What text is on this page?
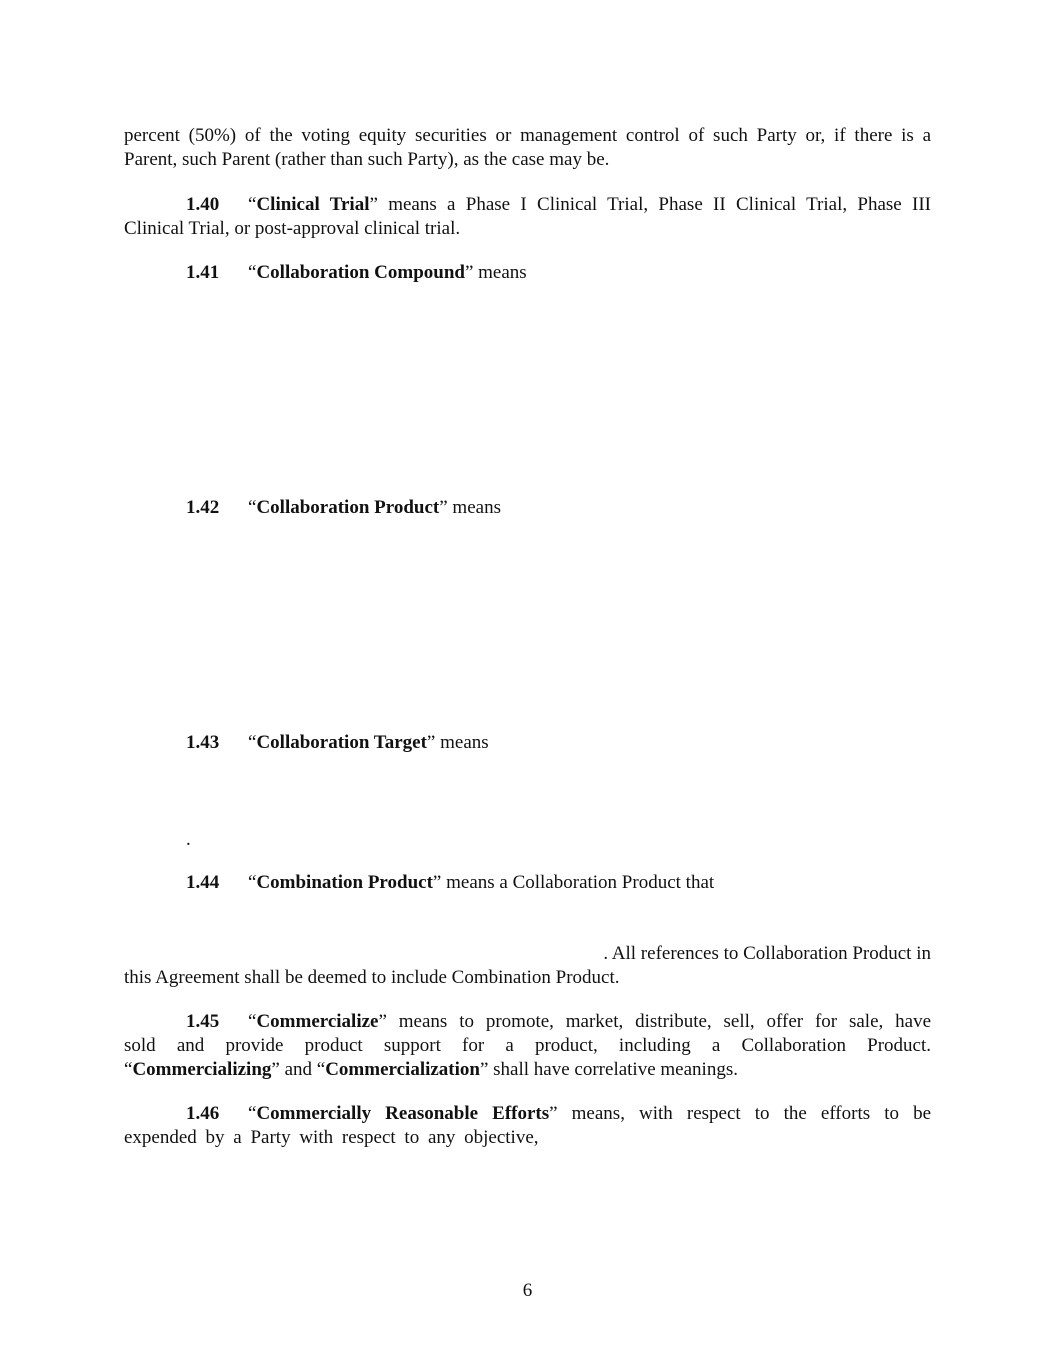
percent (50%) of the voting equity securities or management control of such Party or, if there is a
Parent, such Parent (rather than such Party), as the case may be.
1.40 “Clinical Trial” means a Phase I Clinical Trial, Phase II Clinical Trial, Phase III
Clinical Trial, or post-approval clinical trial.
1.41 “Collaboration Compound” means
1.42 “Collaboration Product” means
1.43 “Collaboration Target” means
.
1.44 “Combination Product” means a Collaboration Product that
. All references to Collaboration Product in
this Agreement shall be deemed to include Combination Product.
1.45 “Commercialize” means to promote, market, distribute, sell, offer for sale, have
sold and provide product support for a product, including a Collaboration Product.
“Commercializing” and “Commercialization” shall have correlative meanings.
1.46 “Commercially Reasonable Efforts” means, with respect to the efforts to be
expended by a Party with respect to any objective,
6
